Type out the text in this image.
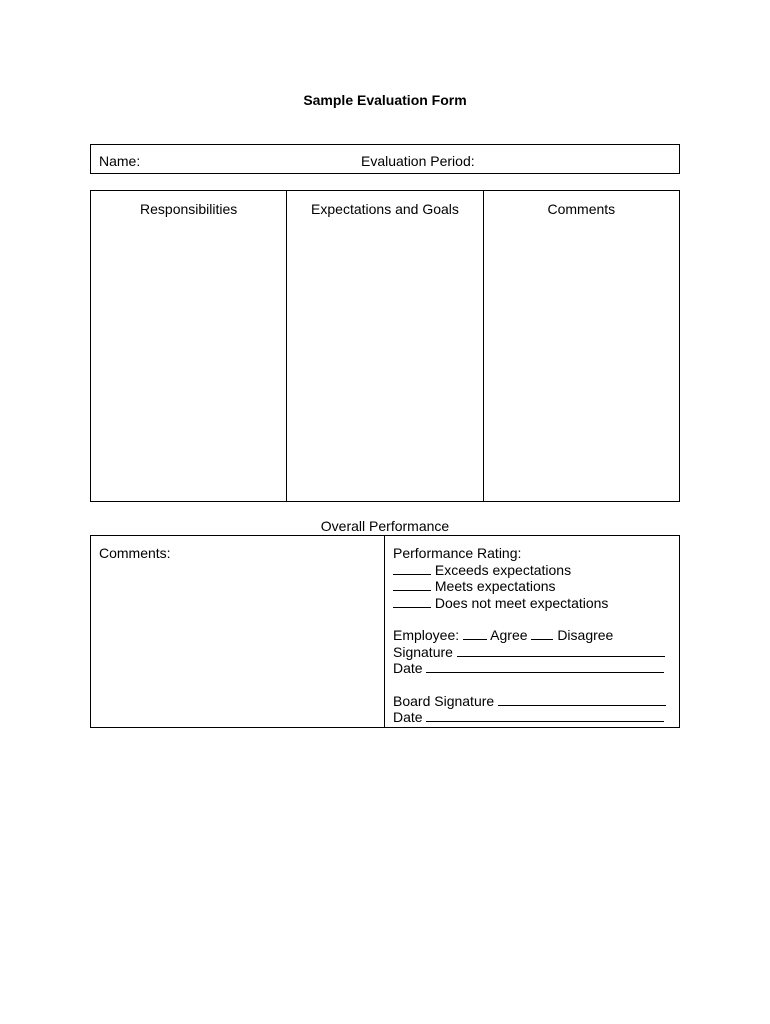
Sample Evaluation Form
Name:	Evaluation Period:
Responsibilities	Expectations and Goals	Comments
Overall Performance
Comments:	Performance Rating:
Exceeds expectations
Meets expectations
Does not meet expectations
Employee: Agree Disagree
Signature
Date
Board Signature
Date
